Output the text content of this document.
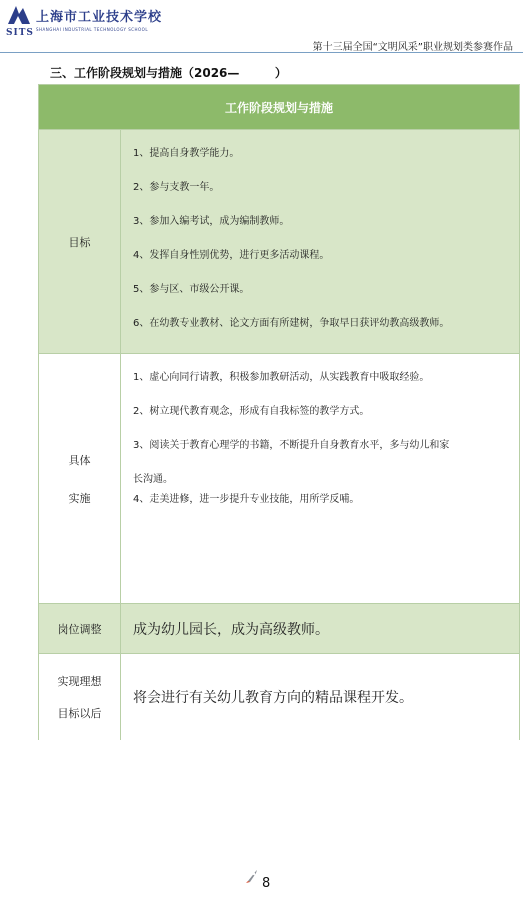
SITS
上海市工业技术学校
SHANGHAI INDUSTRIAL TECHNOLOGY SCHOOL
第十三届全国“文明风采”职业规划类参赛作品
三、工作阶段规划与措施（2026—	）
工作阶段规划与措施
目标
1、提高自身教学能力。
2、参与支教一年。
3、参加入编考试，成为编制教师。
4、发挥自身性别优势，进行更多活动课程。
5、参与区、市级公开课。
6、在幼教专业教材、论文方面有所建树，争取早日获评幼教高级教师。
具体
实施
1、虚心向同行请教，积极参加教研活动，从实践教育中吸取经验。
2、树立现代教育观念，形成有自我标签的教学方式。
3、阅读关于教育心理学的书籍，不断提升自身教育水平，多与幼儿和家
长沟通。
4、走美进修，进一步提升专业技能，用所学反哺。
岗位调整	成为幼儿园长，成为高级教师。
实现理想
目标以后
将会进行有关幼儿教育方向的精品课程开发。
8
